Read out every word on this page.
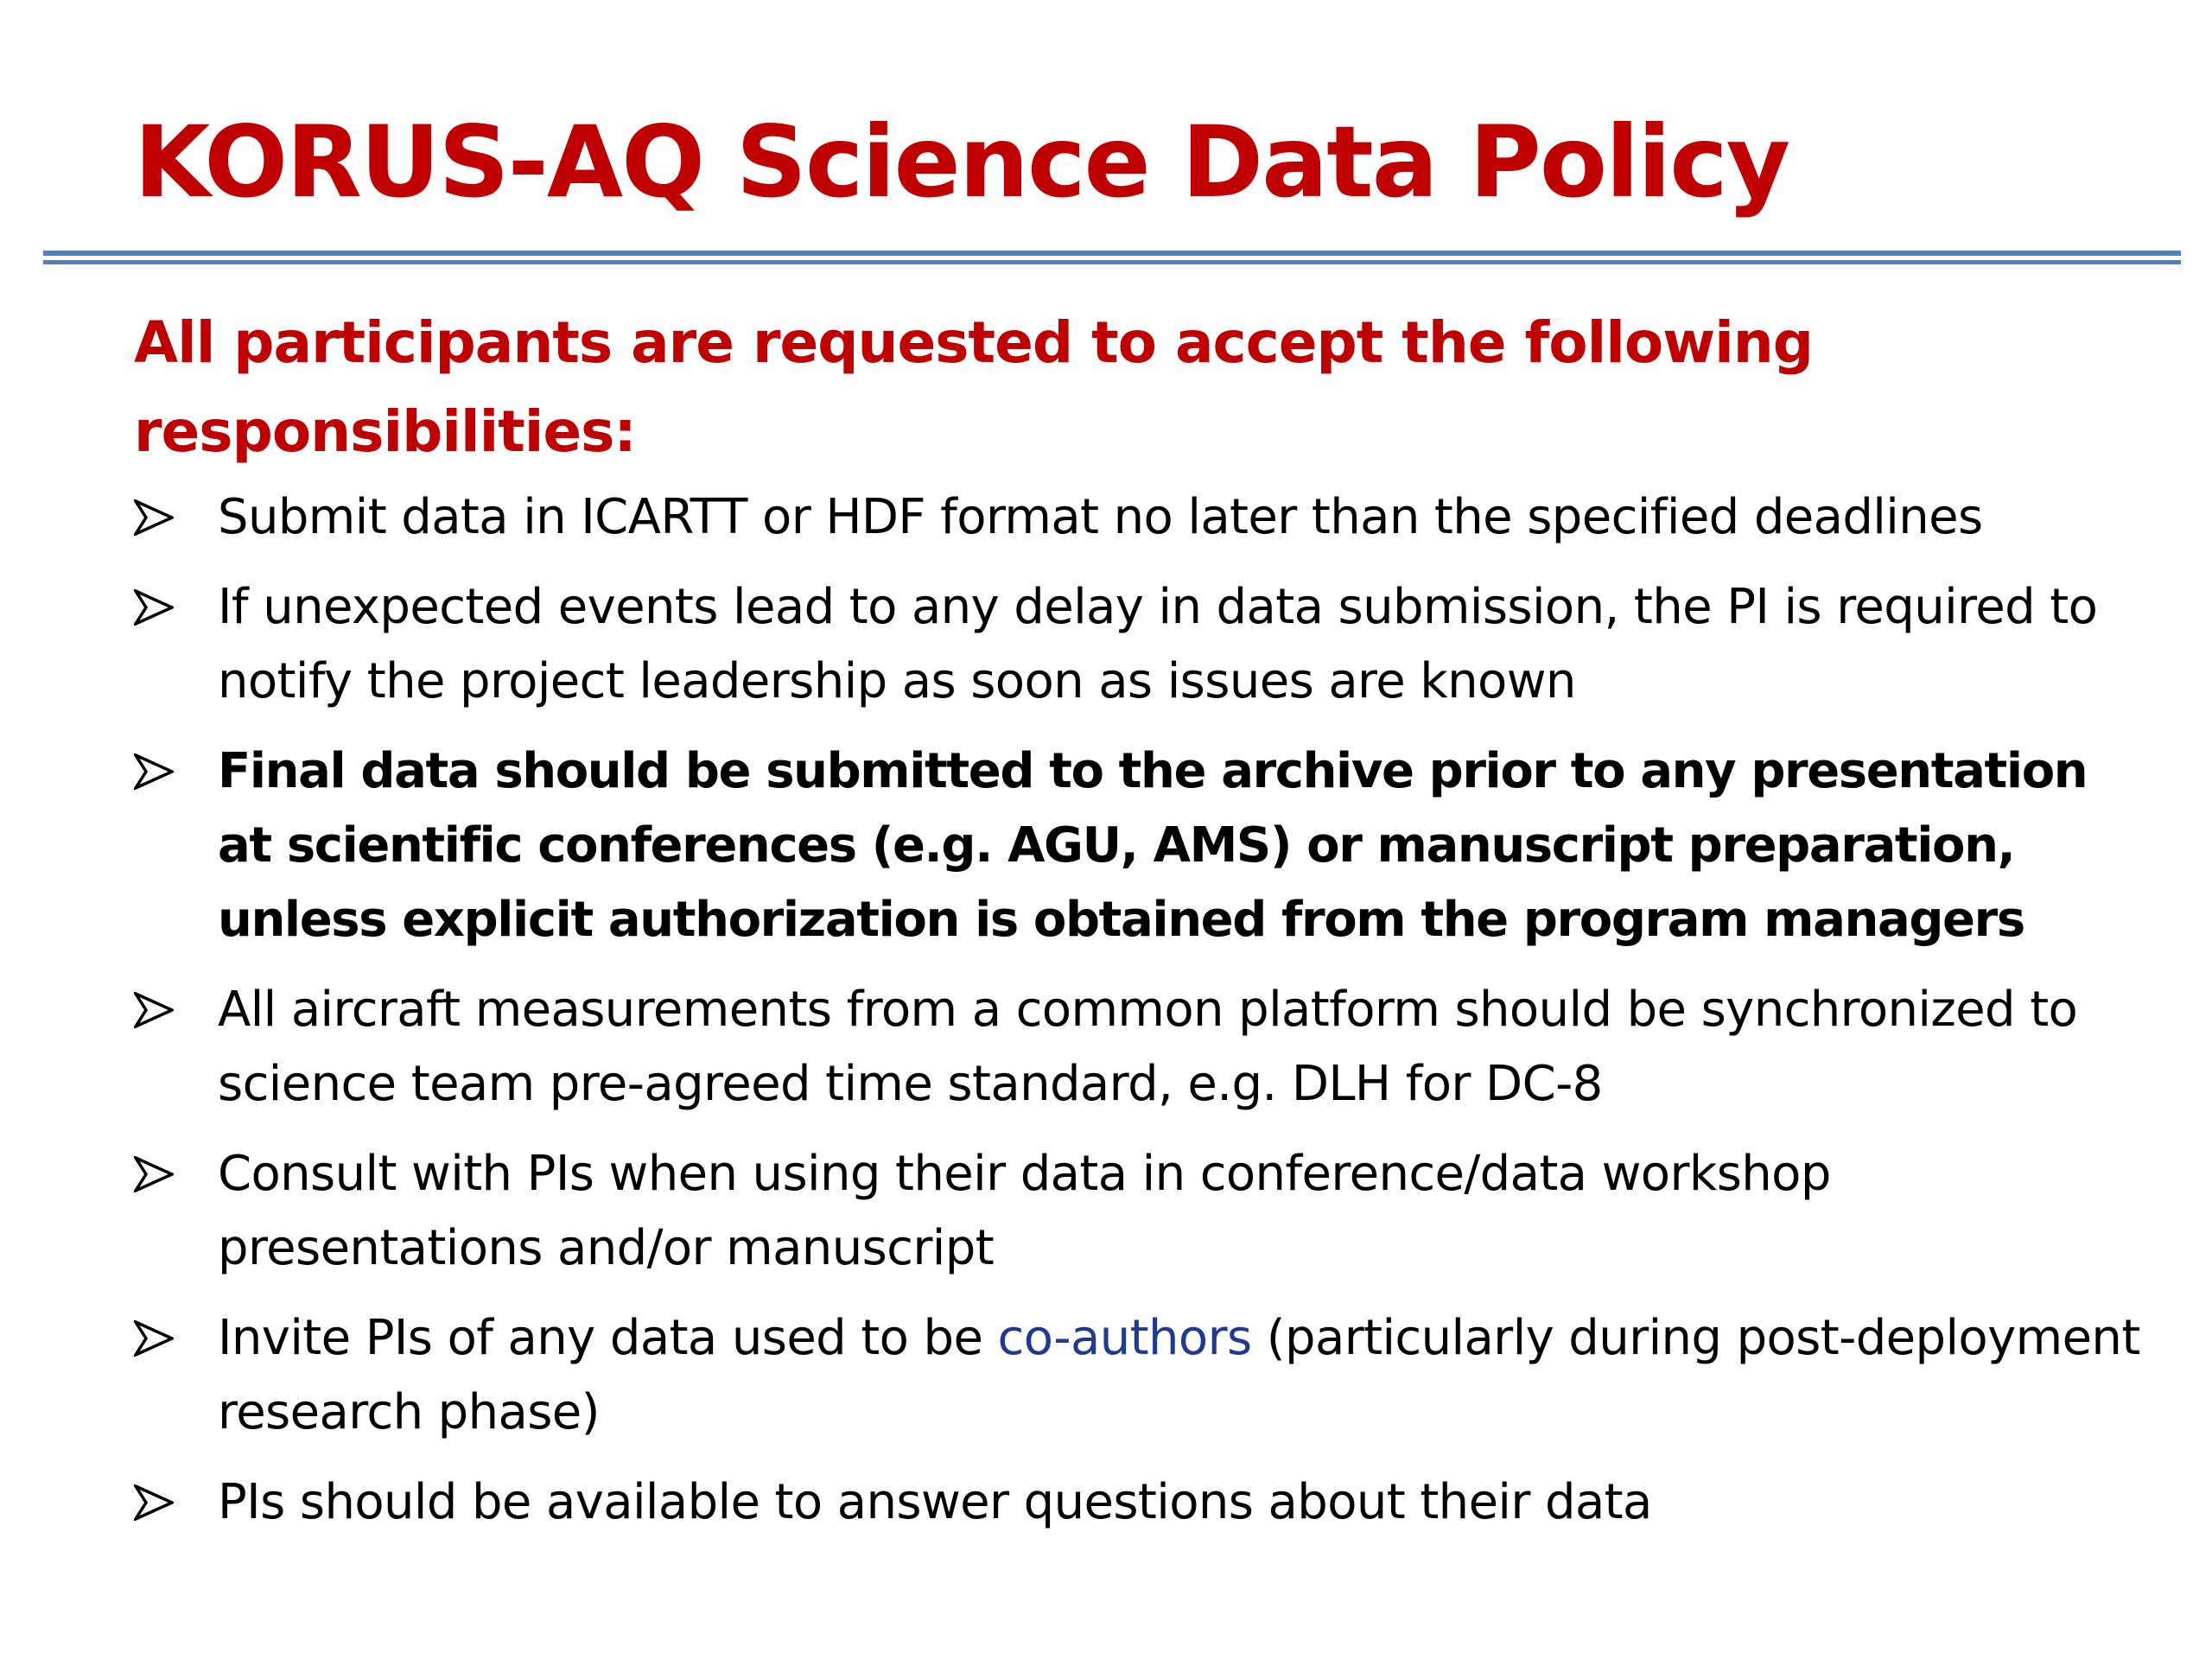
KORUS-AQ Science Data Policy
All participants are requested to accept the following responsibilities:
Submit data in ICARTT or HDF format no later than the specified deadlines
If unexpected events lead to any delay in data submission, the PI is required to notify the project leadership as soon as issues are known
Final data should be submitted to the archive prior to any presentation at scientific conferences (e.g. AGU, AMS) or manuscript preparation, unless explicit authorization is obtained from the program managers
All aircraft measurements from a common platform should be synchronized to science team pre-agreed time standard, e.g. DLH for DC-8
Consult with PIs when using their data in conference/data workshop presentations and/or manuscript
Invite PIs of any data used to be co-authors (particularly during post-deployment research phase)
PIs should be available to answer questions about their data
